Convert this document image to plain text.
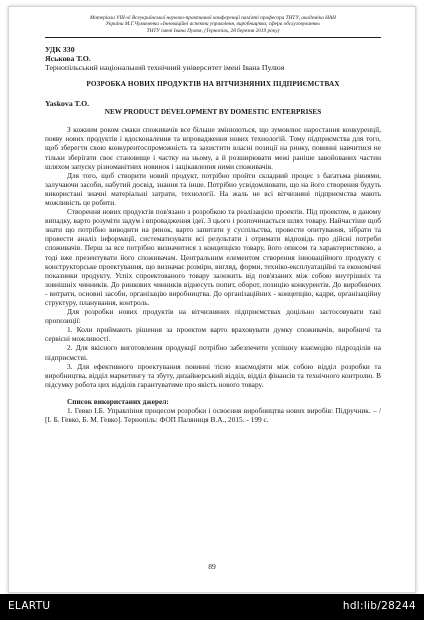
Матеріали VIII-ої Всеукраїнської науково-практичної конференції пам'яті професора ТНТУ, академіка НАН
України М.Г.Чумаченка «Інноваційні аспекти управління, виробництва, сфери обслуговування»
ТНТУ імені Івана Пулюя, (Тернопіль, 28 березня 2019 року)

УДК 330

Яськова Т.О.

Тернопільський національний технічний університет імені Івана Пулюя

РОЗРОБКА НОВИХ ПРОДУКТІВ НА ВІТЧИЗНЯНИХ ПІДПРИЄМСТВАХ

Yaskova T.O.

NEW PRODUCT DEVELOPMENT BY DOMESTIC ENTERPRISES

З кожним роком смаки споживачів все більше змінюються, що зумовлює наростання конкуренції, появу нових продуктів і вдосконалення та впровадження нових технологій. Тому підприємства для того, щоб зберегти свою конкурентоспроможність та захистити власні позиції на ринку, повинні навчитися не тільки зберігати своє становище і частку на ньому, а й розширювати межі раніше завойованих частин шляхом запуску різноманітних новинок і зацікавлення ними споживачів.

Для того, щоб створити новий продукт, потрібно пройти складний процес з багатьма рівнями, залучаючи засоби, набутий досвід, знання та інше. Потрібно усвідомлювати, що на його створення будуть використані значні матеріальні затрати, технології. На жаль не всі вітчизняні підприємства мають можливість це робити.

Створення нових продуктів пов'язано з розробкою та реалізацією проектів. Під проектом, в даному випадку, варто розуміти задум і впровадження ідеї. З цього і розпочинається шлях товару. Найчастіше щоб знати що потрібно виводити на ринок, варто запитати у суспільства, провести опитування, зібрати та провести аналіз інформації, систематизувати всі результати і отримати відповідь про дійсні потреби споживачів. Перш за все потрібно визначитися з концепцією товару, його описом та характеристикою, а тоді вже презентувати його споживачам. Центральним елементом створення інноваційного продукту є конструкторське проектування, що визначає розміри, вигляд, форми, техніко-експлуатаційні та економічні показники продукту. Успіх спроектованого товару залежить від пов'язаних між собою внутрішніх та зовнішніх чинників. До ринкових чинників віднесуть попит, оборот, позицію конкурентів. До виробничих - витрати, основні засоби, організацію виробництва. До організаційних - концепцію, кадри, організаційну структуру, планування, контроль.

Для розробки нових продуктів на вітчизняних підприємствах доцільно застосовувати такі пропозиції:

1. Коли приймають рішення за проектом варто враховувати думку споживачів, виробничі та сервісні можливості.

2. Для якісного виготовлення продукції потрібно забезпечити успішну взаємодію підрозділів на підприємстві.

3. Для ефективного проектування повинні тісно взаємодіяти між собою відділ розробки та виробництва, відділ маркетингу та збуту, дизайнерський відділ, відділ фінансів та технічного контролю. В підсумку робота цих відділів гарантуватиме про якість нового товару.

Список використаних джерел:

1. Гевко І.Б. Управління процесом розробки і освоєння виробництва нових виробів: Підручник. – / [І. Б. Гевко, Б. М. Гевко]. Тернопіль: ФОП Паляниця В.А., 2015. - 199 с.

89
ELARTU	hdl:lib/28244
